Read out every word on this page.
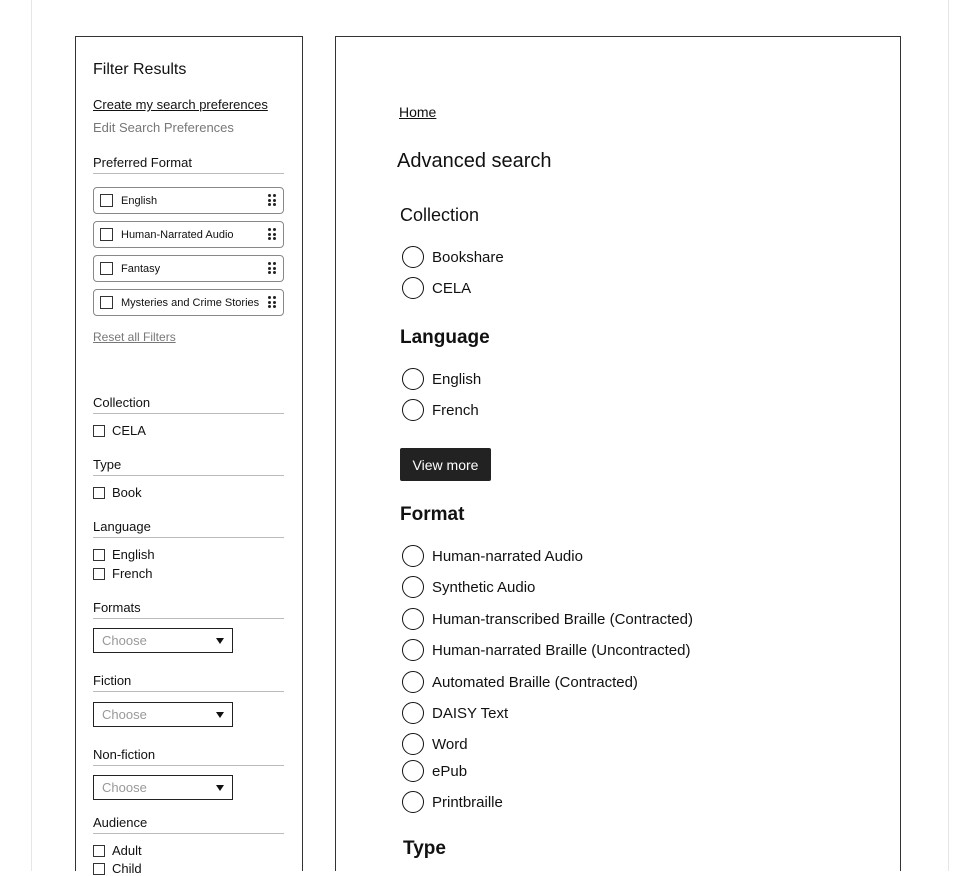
Filter Results
Create my search preferences
Edit Search Preferences
Preferred Format
English
Human-Narrated Audio
Fantasy
Mysteries and Crime Stories
Reset all Filters
Collection
CELA
Type
Book
Language
English
French
Formats
Choose
Fiction
Choose
Non-fiction
Choose
Audience
Adult
Child
Home
Advanced search
Collection
Bookshare
CELA
Language
English
French
View more
Format
Human-narrated Audio
Synthetic Audio
Human-transcribed Braille (Contracted)
Human-narrated Braille (Uncontracted)
Automated Braille (Contracted)
DAISY Text
Word
ePub
Printbraille
Type
